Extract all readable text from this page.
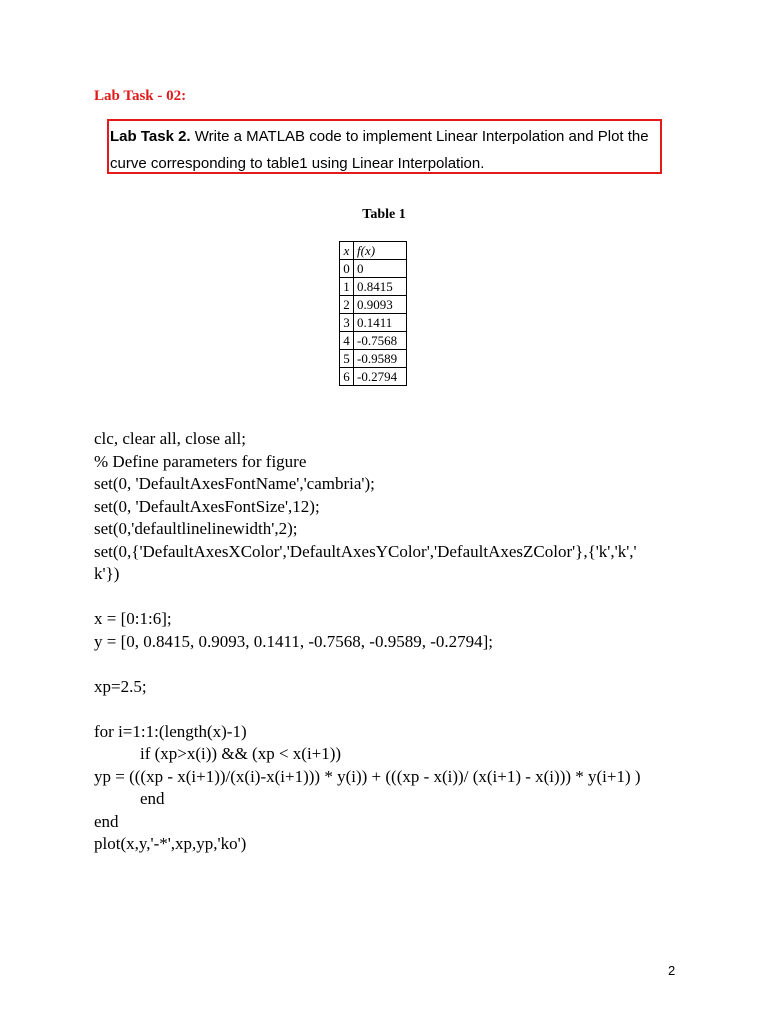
Lab Task - 02:
Lab Task 2. Write a MATLAB code to implement Linear Interpolation and Plot the curve corresponding to table1 using Linear Interpolation.
Table 1
x	f(x)
0	0
1	0.8415
2	0.9093
3	0.1411
4	-0.7568
5	-0.9589
6	-0.2794
clc, clear all, close all;
% Define parameters for figure
set(0, 'DefaultAxesFontName','cambria');
set(0, 'DefaultAxesFontSize',12);
set(0,'defaultlinelinewidth',2);
set(0,{'DefaultAxesXColor','DefaultAxesYColor','DefaultAxesZColor'},{'k','k','
k'})
x = [0:1:6];
y = [0, 0.8415, 0.9093, 0.1411, -0.7568, -0.9589, -0.2794];
xp=2.5;
for i=1:1:(length(x)-1)
if (xp>x(i)) && (xp < x(i+1))
yp = (((xp - x(i+1))/(x(i)-x(i+1))) * y(i)) + (((xp - x(i))/ (x(i+1) - x(i))) * y(i+1) )
end
end
plot(x,y,'-*',xp,yp,'ko')
2
